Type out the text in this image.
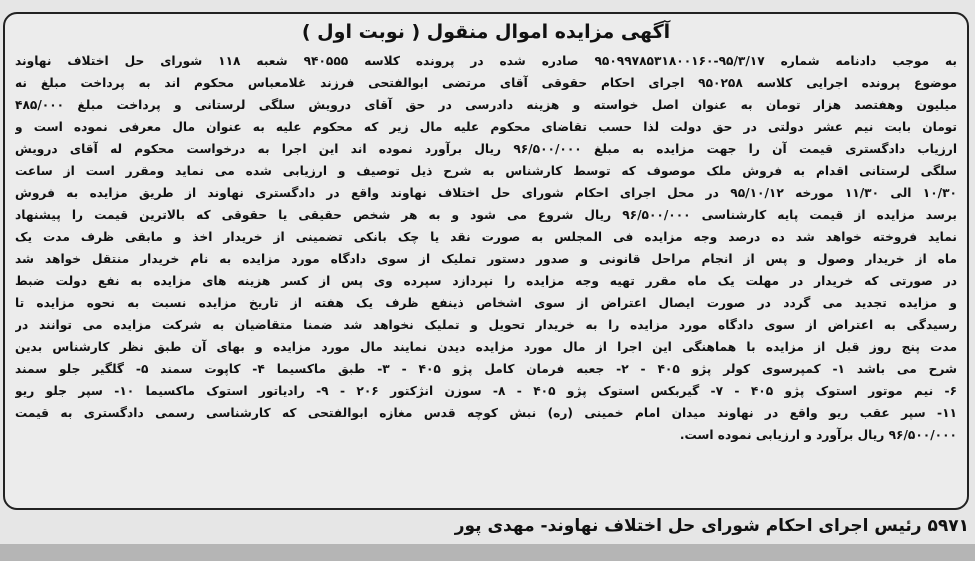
آگهی مزایده اموال منقول ( نوبت اول )
به موجب دادنامه شماره ۹۵/۳/۱۷-۹۵۰۹۹۷۸۵۳۱۸۰۰۱۶۰ صادره شده در پرونده کلاسه ۹۴۰۵۵۵ شعبه ۱۱۸ شورای حل اختلاف نهاوند
موضوع پرونده اجرایی کلاسه ۹۵۰۲۵۸ اجرای احکام حقوقی آقای مرتضی ابوالفتحی فرزند غلامعباس محکوم اند به پرداخت مبلغ نه
میلیون وهفتصد هزار تومان به عنوان اصل خواسته و هزینه دادرسی در حق آقای درویش سلگی لرستانی و پرداخت مبلغ ۴۸۵/۰۰۰
تومان بابت نیم عشر دولتی در حق دولت لذا حسب تقاضای محکوم علیه مال زیر که محکوم علیه به عنوان مال معرفی نموده است و
ارزیاب دادگستری قیمت آن را جهت مزایده به مبلغ ۹۶/۵۰۰/۰۰۰ ریال برآورد نموده اند این اجرا به درخواست محکوم له آقای درویش
سلگی لرستانی اقدام به فروش ملک موصوف که توسط کارشناس به شرح ذیل توصیف و ارزیابی شده می نماید ومقرر است از ساعت
۱۰/۳۰ الی ۱۱/۳۰ مورخه ۹۵/۱۰/۱۲ در محل اجرای احکام شورای حل اختلاف نهاوند واقع در دادگستری نهاوند از طریق مزایده به فروش
برسد مزایده از قیمت پایه کارشناسی ۹۶/۵۰۰/۰۰۰ ریال شروع می شود و به هر شخص حقیقی یا حقوقی که بالاترین قیمت را پیشنهاد
نماید فروخته خواهد شد ده درصد وجه مزایده فی المجلس به صورت نقد یا چک بانکی تضمینی از خریدار اخذ و مابقی ظرف مدت یک
ماه از خریدار وصول و پس از انجام مراحل قانونی و صدور دستور تملیک از سوی دادگاه مورد مزایده به نام خریدار منتقل خواهد شد
در صورتی که خریدار در مهلت یک ماه مقرر تهیه وجه مزایده را نپردازد سپرده وی پس از کسر هزینه های مزایده به نفع دولت ضبط
و مزایده تجدید می گردد در صورت ایصال اعتراض از سوی اشخاص ذینفع ظرف یک هفته از تاریخ مزایده نسبت به نحوه مزایده تا
رسیدگی به اعتراض از سوی دادگاه مورد مزایده را به خریدار تحویل و تملیک نخواهد شد ضمنا متقاضیان به شرکت مزایده می توانند در
مدت پنج روز قبل از مزایده با هماهنگی این اجرا از مال مورد مزایده دیدن نمایند مال مورد مزایده و بهای آن طبق نظر کارشناس بدین
شرح می باشد ۱- کمپرسوی کولر پژو ۴۰۵ - ۲- جعبه فرمان کامل پژو ۴۰۵ - ۳- طبق ماکسیما ۴- کاپوت سمند ۵- گلگیر جلو سمند
۶- نیم موتور استوک پژو ۴۰۵ - ۷- گیربکس استوک پژو ۴۰۵ - ۸- سوزن انژکتور ۲۰۶ - ۹- رادیاتور استوک ماکسیما ۱۰- سپر جلو ریو
۱۱- سپر عقب ریو واقع در نهاوند میدان امام خمینی (ره) نبش کوچه قدس مغازه ابوالفتحی که کارشناسی رسمی دادگستری به قیمت
۹۶/۵۰۰/۰۰۰ ریال برآورد و ارزیابی نموده است.
۵۹۷۱ رئیس اجرای احکام شورای حل اختلاف نهاوند- مهدی پور
